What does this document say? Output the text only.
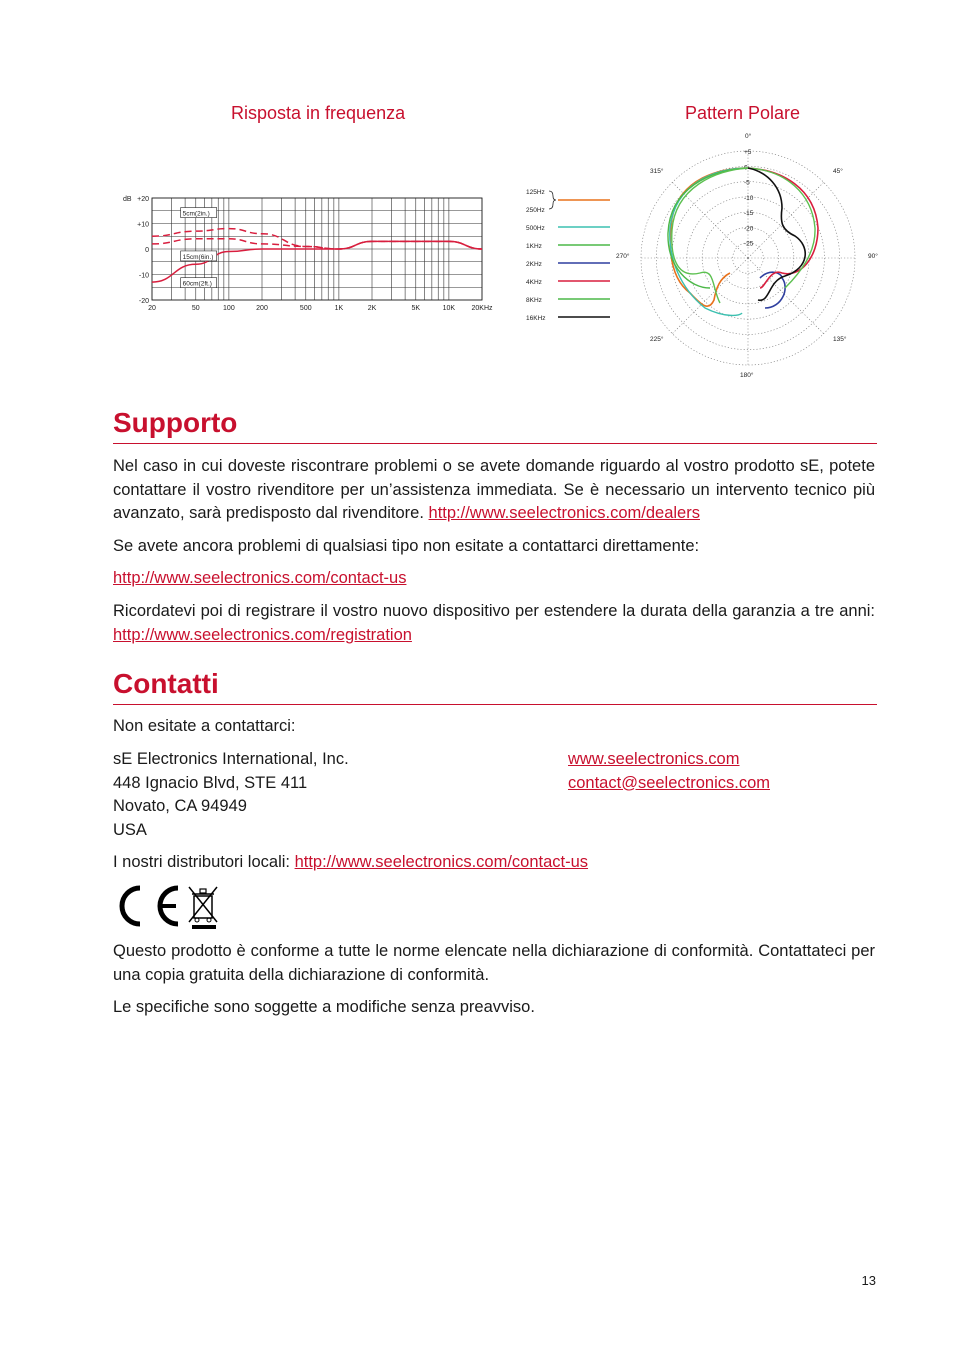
Risposta in frequenza	Pattern Polare
dB +20
+10
0
-10
-20
20	50	100	200	500	1K	2K	5K	10K 20KHz
5cm(2in.)
15cm(6in.)
60cm(2ft.)
125Hz
250Hz
500Hz
1KHz
2KHz
4KHz
8KHz
16KHz
+5
0
-5
-10
-15
-20
-25
0°
45°
90°
135°
180°
225°
270°
315°
Supporto

Nel caso in cui doveste riscontrare problemi o se avete domande riguardo al vostro prodotto sE, potete contattare il vostro rivenditore per un’assistenza immediata. Se è necessario un intervento tecnico più avanzato, sarà predisposto dal rivenditore. http://www.seelectronics.com/dealers

Se avete ancora problemi di qualsiasi tipo non esitate a contattarci direttamente:

http://www.seelectronics.com/contact-us

Ricordatevi poi di registrare il vostro nuovo dispositivo per estendere la durata della garanzia a tre anni: http://www.seelectronics.com/registration

Contatti

Non esitate a contattarci:

sE Electronics International, Inc.
448 Ignacio Blvd, STE 411
Novato, CA 94949
USA
www.seelectronics.com
contact@seelectronics.com

I nostri distributori locali: http://www.seelectronics.com/contact-us

Questo prodotto è conforme a tutte le norme elencate nella dichiarazione di conformità. Contattateci per una copia gratuita della dichiarazione di conformità.

Le specifiche sono soggette a modifiche senza preavviso.

13
